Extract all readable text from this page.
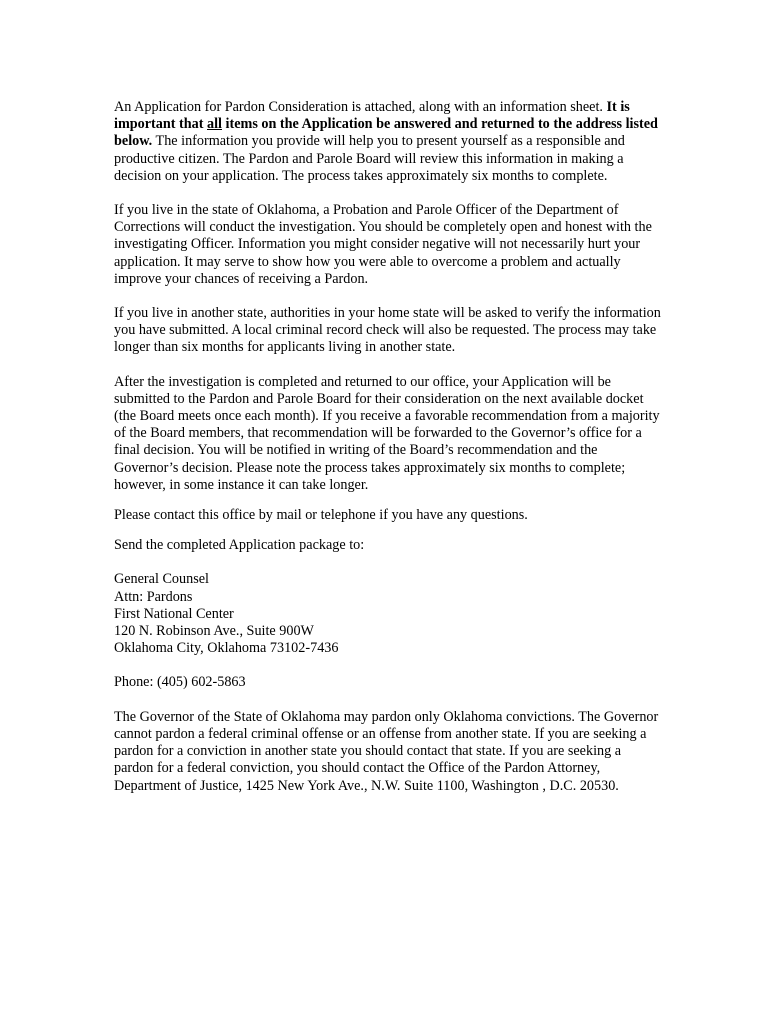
An Application for Pardon Consideration is attached, along with an information sheet. It is important that all items on the Application be answered and returned to the address listed below. The information you provide will help you to present yourself as a responsible and productive citizen. The Pardon and Parole Board will review this information in making a decision on your application. The process takes approximately six months to complete.

If you live in the state of Oklahoma, a Probation and Parole Officer of the Department of Corrections will conduct the investigation. You should be completely open and honest with the investigating Officer. Information you might consider negative will not necessarily hurt your application. It may serve to show how you were able to overcome a problem and actually improve your chances of receiving a Pardon.

If you live in another state, authorities in your home state will be asked to verify the information you have submitted. A local criminal record check will also be requested. The process may take longer than six months for applicants living in another state.

After the investigation is completed and returned to our office, your Application will be submitted to the Pardon and Parole Board for their consideration on the next available docket (the Board meets once each month). If you receive a favorable recommendation from a majority of the Board members, that recommendation will be forwarded to the Governor’s office for a final decision. You will be notified in writing of the Board’s recommendation and the Governor’s decision. Please note the process takes approximately six months to complete; however, in some instance it can take longer.

Please contact this office by mail or telephone if you have any questions.

Send the completed Application package to:

General Counsel
Attn: Pardons
First National Center
120 N. Robinson Ave., Suite 900W
Oklahoma City, Oklahoma 73102-7436

Phone: (405) 602-5863

The Governor of the State of Oklahoma may pardon only Oklahoma convictions. The Governor cannot pardon a federal criminal offense or an offense from another state. If you are seeking a pardon for a conviction in another state you should contact that state. If you are seeking a pardon for a federal conviction, you should contact the Office of the Pardon Attorney, Department of Justice, 1425 New York Ave., N.W. Suite 1100, Washington , D.C. 20530.
